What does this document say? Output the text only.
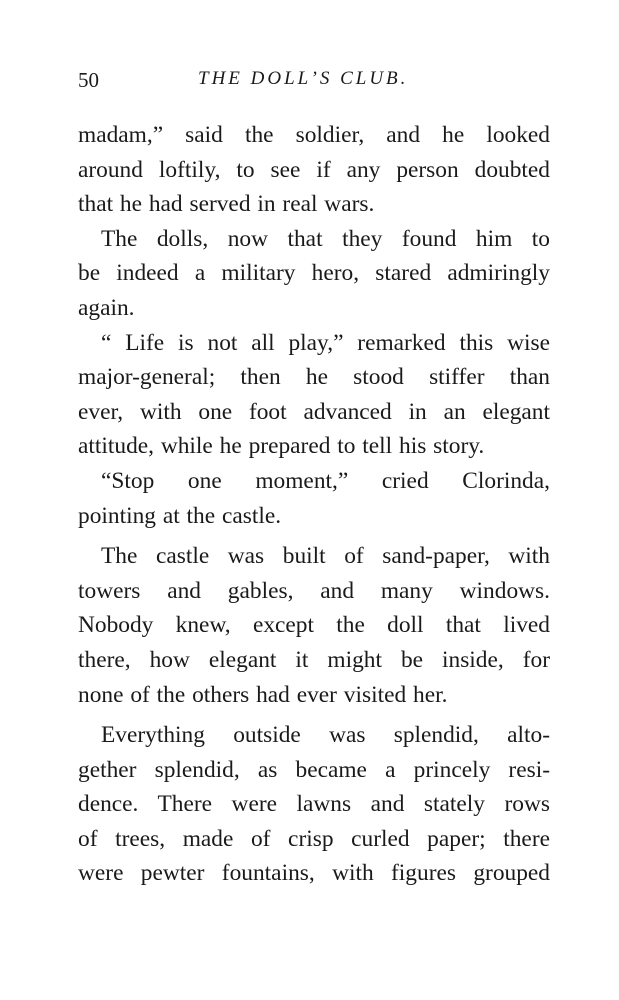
50	THE DOLL’S CLUB.

madam,” said the soldier, and he looked

around loftily, to see if any person doubted

that he had served in real wars.

The dolls, now that they found him to

be indeed a military hero, stared admiringly

again.

“ Life is not all play,” remarked this wise

major-general; then he stood stiffer than

ever, with one foot advanced in an elegant

attitude, while he prepared to tell his story.

“Stop one moment,” cried Clorinda,

pointing at the castle.

The castle was built of sand-paper, with

towers and gables, and many windows.

Nobody knew, except the doll that lived

there, how elegant it might be inside, for

none of the others had ever visited her.

Everything outside was splendid, alto-

gether splendid, as became a princely resi-

dence. There were lawns and stately rows

of trees, made of crisp curled paper; there

were pewter fountains, with figures grouped
